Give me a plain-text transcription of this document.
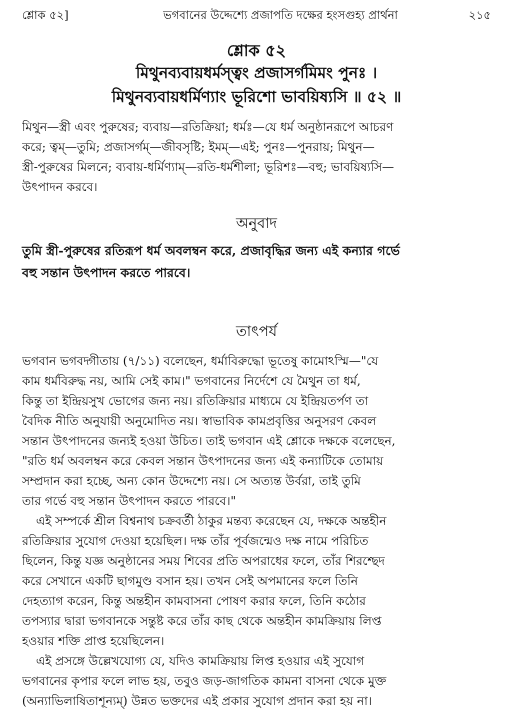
শ্লোক ৫২]	ভগবানের উদ্দেশ্যে প্রজাপতি দক্ষের হংসগুহ্য প্রার্থনা	২১৫
শ্লোক ৫২
মিথুনব্যবায়ধর্মস্ত্বং প্রজাসর্গমিমং পুনঃ ।
মিথুনব্যবায়ধর্মিণ্যাং ভূরিশো ভাবয়িষ্যসি ॥ ৫২ ॥
মিথুন—স্ত্রী এবং পুরুষের; ব্যবায়—রতিক্রিয়া; ধর্মঃ—যে ধর্ম অনুষ্ঠানরূপে আচরণ
করে; ত্বম্—তুমি; প্রজাসর্গম্—জীবসৃষ্টি; ইমম্—এই; পুনঃ—পুনরায়; মিথুন—
স্ত্রী-পুরুষের মিলনে; ব্যবায়-ধর্মিণ্যাম্—রতি-ধর্মশীলা; ভূরিশঃ—বহু; ভাবয়িষ্যসি—
উৎপাদন করবে।
অনুবাদ
তুমি স্ত্রী-পুরুষের রতিরূপ ধর্ম অবলম্বন করে, প্রজাবৃদ্ধির জন্য এই কন্যার গর্ভে
বহু সন্তান উৎপাদন করতে পারবে।
তাৎপর্য
ভগবান ভগবদ্গীতায় (৭/১১) বলেছেন, ধর্মাবিরুদ্ধো ভূতেষু কামোঽস্মি—"যে
কাম ধর্মবিরুদ্ধ নয়, আমি সেই কাম।" ভগবানের নির্দেশে যে মৈথুন তা ধর্ম,
কিন্তু তা ইন্দ্রিয়সুখ ভোগের জন্য নয়। রতিক্রিয়ার মাধ্যমে যে ইন্দ্রিয়তর্পণ তা
বৈদিক নীতি অনুযায়ী অনুমোদিত নয়। স্বাভাবিক কামপ্রবৃত্তির অনুসরণ কেবল
সন্তান উৎপাদনের জন্যই হওয়া উচিত। তাই ভগবান এই শ্লোকে দক্ষকে বলেছেন,
"রতি ধর্ম অবলম্বন করে কেবল সন্তান উৎপাদনের জন্য এই কন্যাটিকে তোমায়
সম্প্রদান করা হচ্ছে, অন্য কোন উদ্দেশ্যে নয়। সে অত্যন্ত উর্বরা, তাই তুমি
তার গর্ভে বহু সন্তান উৎপাদন করতে পারবে।"
এই সম্পর্কে শ্রীল বিশ্বনাথ চক্রবর্তী ঠাকুর মন্তব্য করেছেন যে, দক্ষকে অন্তহীন
রতিক্রিয়ার সুযোগ দেওয়া হয়েছিল। দক্ষ তাঁর পূর্বজন্মেও দক্ষ নামে পরিচিত
ছিলেন, কিন্তু যজ্ঞ অনুষ্ঠানের সময় শিবের প্রতি অপরাধের ফলে, তাঁর শিরশ্ছেদ
করে সেখানে একটি ছাগমুণ্ড বসান হয়। তখন সেই অপমানের ফলে তিনি
দেহত্যাগ করেন, কিন্তু অন্তহীন কামবাসনা পোষণ করার ফলে, তিনি কঠোর
তপস্যার দ্বারা ভগবানকে সন্তুষ্ট করে তাঁর কাছ থেকে অন্তহীন কামক্রিয়ায় লিপ্ত
হওয়ার শক্তি প্রাপ্ত হয়েছিলেন।
এই প্রসঙ্গে উল্লেখযোগ্য যে, যদিও কামক্রিয়ায় লিপ্ত হওয়ার এই সুযোগ
ভগবানের কৃপার ফলে লাভ হয়, তবুও জড়-জাগতিক কামনা বাসনা থেকে মুক্ত
(অন্যাভিলাষিতাশূন্যম্) উন্নত ভক্তদের এই প্রকার সুযোগ প্রদান করা হয় না।
